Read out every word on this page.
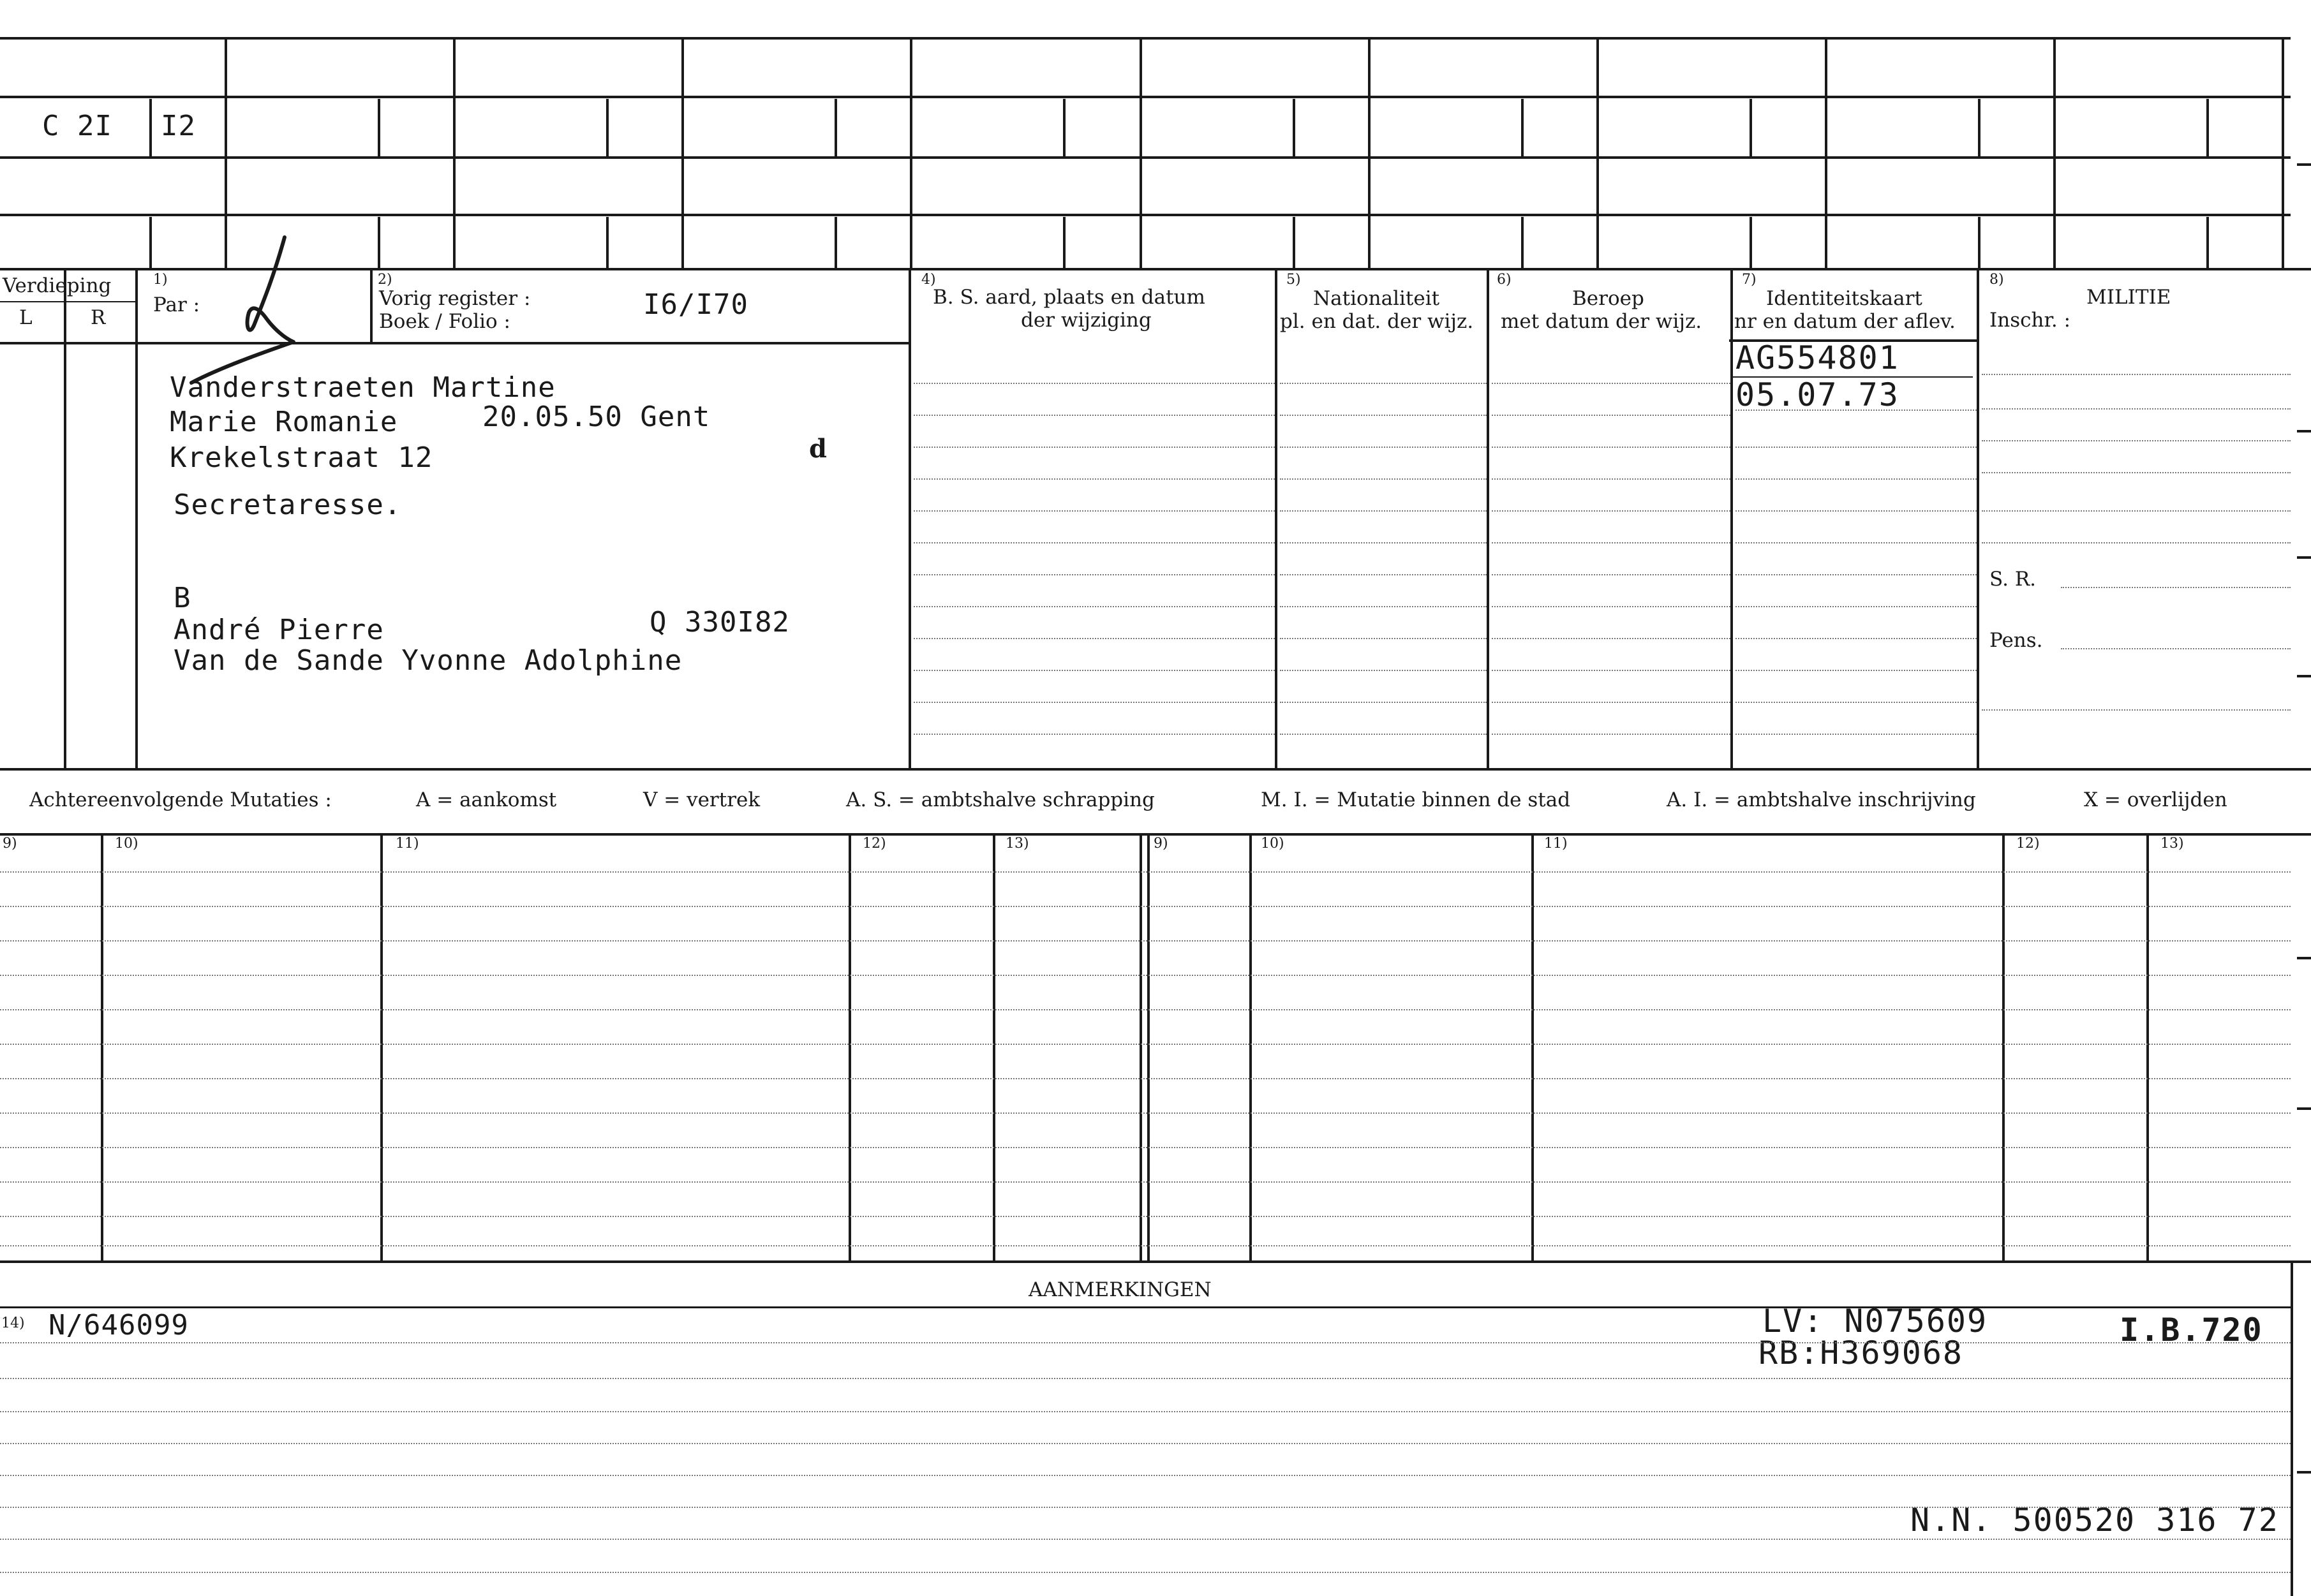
C 2I I2
Verdieping
L	R
1)
Par :
2)
Vorig register :
Boek / Folio :
I6/I70
4)
B. S. aard, plaats en datum
der wijziging
5)
Nationaliteit
pl. en dat. der wijz.
6)
Beroep
met datum der wijz.
7)
Identiteitskaart
nr en datum der aflev.
8)
MILITIE
Inschr. :
S. R.
Pens.
Vanderstraeten Martine
Marie Romanie	20.05.50 Gent
Krekelstraat 12	d
Secretaresse.
B
André Pierre	Q 330I82
Van de Sande Yvonne Adolphine
AG554801
05.07.73
Achtereenvolgende Mutaties :	A = aankomst	V = vertrek	A. S. = ambtshalve schrapping	M. I. = Mutatie binnen de stad	A. I. = ambtshalve inschrijving	X = overlijden
9)	10)	11)	12)	13)	9)	10)	11)	12)	13)
AANMERKINGEN
14) N/646099	LV: N075609
RB:H369068
I.B.720
N.N. 500520 316 72
